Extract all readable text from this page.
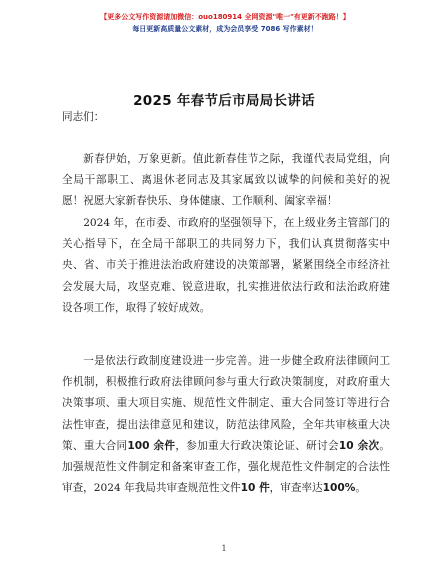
【更多公文写作资源请加微信：ouo180914 全网资源"唯一"有更新不跑路！】
每日更新高质量公文素材，成为会员享受 7086 写作素材！
2025 年春节后市局局长讲话
同志们：
新春伊始，万象更新。值此新春佳节之际，我谨代表局党组，向全局干部职工、离退休老同志及其家属致以诚挚的问候和美好的祝愿！祝愿大家新春快乐、身体健康、工作顺利、阖家幸福！
2024 年，在市委、市政府的坚强领导下，在上级业务主管部门的关心指导下，在全局干部职工的共同努力下，我们认真贯彻落实中央、省、市关于推进法治政府建设的决策部署，紧紧围绕全市经济社会发展大局，攻坚克难、锐意进取，扎实推进依法行政和法治政府建设各项工作，取得了较好成效。
一是依法行政制度建设进一步完善。进一步健全政府法律顾问工作机制，积极推行政府法律顾问参与重大行政决策制度，对政府重大决策事项、重大项目实施、规范性文件制定、重大合同签订等进行合法性审查，提出法律意见和建议，防范法律风险，全年共审核重大决策、重大合同100 余件，参加重大行政决策论证、研讨会10 余次。加强规范性文件制定和备案审查工作，强化规范性文件制定的合法性审查，2024 年我局共审查规范性文件10 件，审查率达100%。
1
